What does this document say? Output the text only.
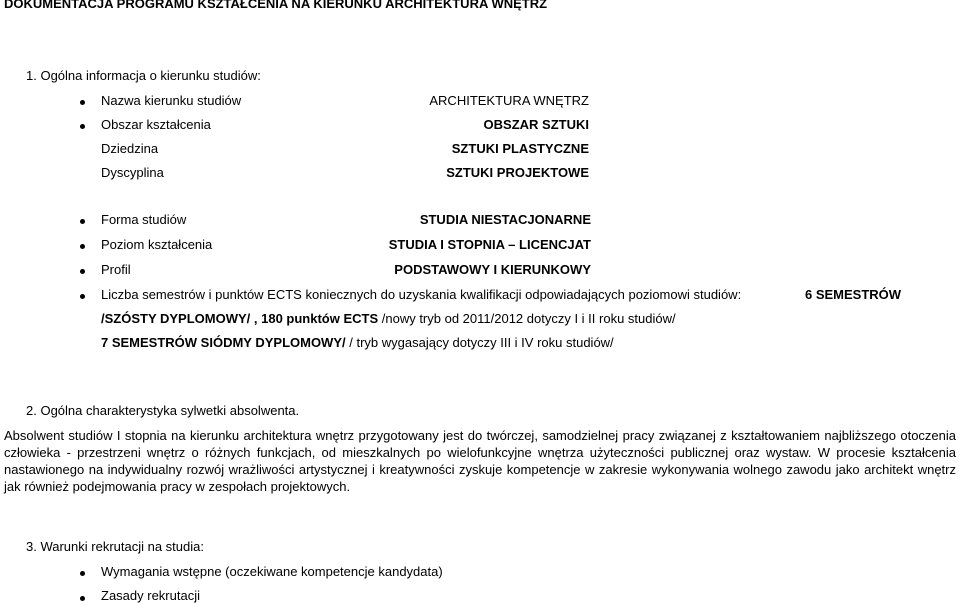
DOKUMENTACJA PROGRAMU KSZTAŁCENIA NA KIERUNKU ARCHITEKTURA WNĘTRZ
1. Ogólna informacja o kierunku studiów:
Nazwa kierunku studiów	ARCHITEKTURA WNĘTRZ
Obszar kształcenia	OBSZAR SZTUKI
Dziedzina	SZTUKI PLASTYCZNE
Dyscyplina	SZTUKI PROJEKTOWE
Forma studiów	STUDIA NIESTACJONARNE
Poziom kształcenia	STUDIA I STOPNIA – LICENCJAT
Profil	PODSTAWOWY I KIERUNKOWY
Liczba semestrów i punktów ECTS koniecznych do uzyskania kwalifikacji odpowiadających poziomowi studiów:	6 SEMESTRÓW
/SZÓSTY DYPLOMOWY/ , 180 punktów ECTS /nowy tryb od 2011/2012 dotyczy I i II roku studiów/
7 SEMESTRÓW SIÓDMY DYPLOMOWY/ / tryb wygasający dotyczy III i IV roku studiów/
2. Ogólna charakterystyka sylwetki absolwenta.
Absolwent studiów I stopnia na kierunku architektura wnętrz przygotowany jest do twórczej, samodzielnej pracy związanej z kształtowaniem najbliższego otoczenia człowieka - przestrzeni wnętrz o różnych funkcjach, od mieszkalnych po wielofunkcyjne wnętrza użyteczności publicznej oraz wystaw. W procesie kształcenia nastawionego na indywidualny rozwój wrażliwości artystycznej i kreatywności zyskuje kompetencje w zakresie wykonywania wolnego zawodu jako architekt wnętrz jak również podejmowania pracy w zespołach projektowych.
3. Warunki rekrutacji na studia:
Wymagania wstępne (oczekiwane kompetencje kandydata)
Zasady rekrutacji
